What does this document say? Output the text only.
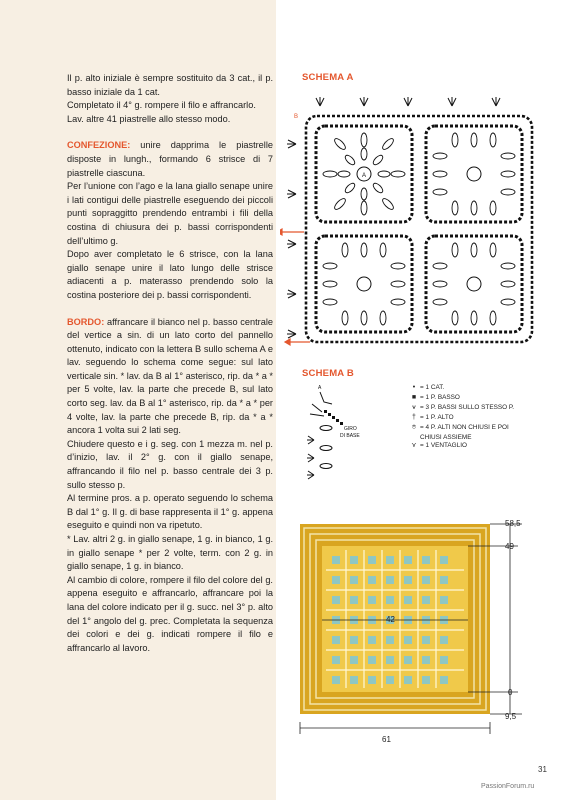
Il p. alto iniziale è sempre sostituito da 3 cat., il p. basso iniziale da 1 cat.

Completato il 4° g. rompere il filo e affrancarlo.

Lav. altre 41 piastrelle allo stesso modo.

CONFEZIONE: unire dapprima le piastrelle disposte in lungh., formando 6 strisce di 7 piastrelle ciascuna.

Per l’unione con l’ago e la lana giallo senape unire i lati contigui delle piastrelle eseguendo dei piccoli punti sopraggitto prendendo entrambi i fili della costina di chiusura dei p. bassi corrispondenti dell’ultimo g.

Dopo aver completato le 6 strisce, con la lana giallo senape unire il lato lungo delle strisce adiacenti a p. materasso prendendo solo la costina posteriore dei p. bassi corrispondenti.

BORDO: affrancare il bianco nel p. basso centrale del vertice a sin. di un lato corto del pannello ottenuto, indicato con la lettera B sullo schema A e lav. seguendo lo schema come segue: sul lato verticale sin. * lav. da B al 1° asterisco, rip. da * a * per 5 volte, lav. la parte che precede B, sul lato corto seg. lav. da B al 1° asterisco, rip. da * a * per 4 volte, lav. la parte che precede B, rip. da * a * ancora 1 volta sui 2 lati seg.

Chiudere questo e i g. seg. con 1 mezza m. nel p. d’inizio, lav. il 2° g. con il giallo senape, affrancando il filo nel p. basso centrale dei 3 p. sullo stesso p.

Al termine pros. a p. operato seguendo lo schema B dal 1° g. Il g. di base rappresenta il 1° g. appena eseguito e quindi non va ripetuto.

* Lav. altri 2 g. in giallo senape, 1 g. in bianco, 1 g. in giallo senape * per 2 volte, term. con 2 g. in giallo senape, 1 g. in bianco.

Al cambio di colore, rompere il filo del colore del g. appena eseguito e affrancarlo, affrancare poi la lana del colore indicato per il g. succ. nel 3° p. alto del 1° angolo del g. prec. Completata la sequenza dei colori e dei g. indicati rompere il filo e affrancarlo al lavoro.

SCHEMA A
A
B
SCHEMA B
A
GIRO
DI BASE
• = 1 CAT.
■ = 1 P. BASSO
⩛ = 3 P. BASSI SULLO STESSO P.
† = 1 P. ALTO
⌾ = 4 P. ALTI NON CHIUSI E POI CHIUSI ASSIEME
⋎ = 1 VENTAGLIO
58,5
49
42
0
9,5
61
31
PassionForum.ru
